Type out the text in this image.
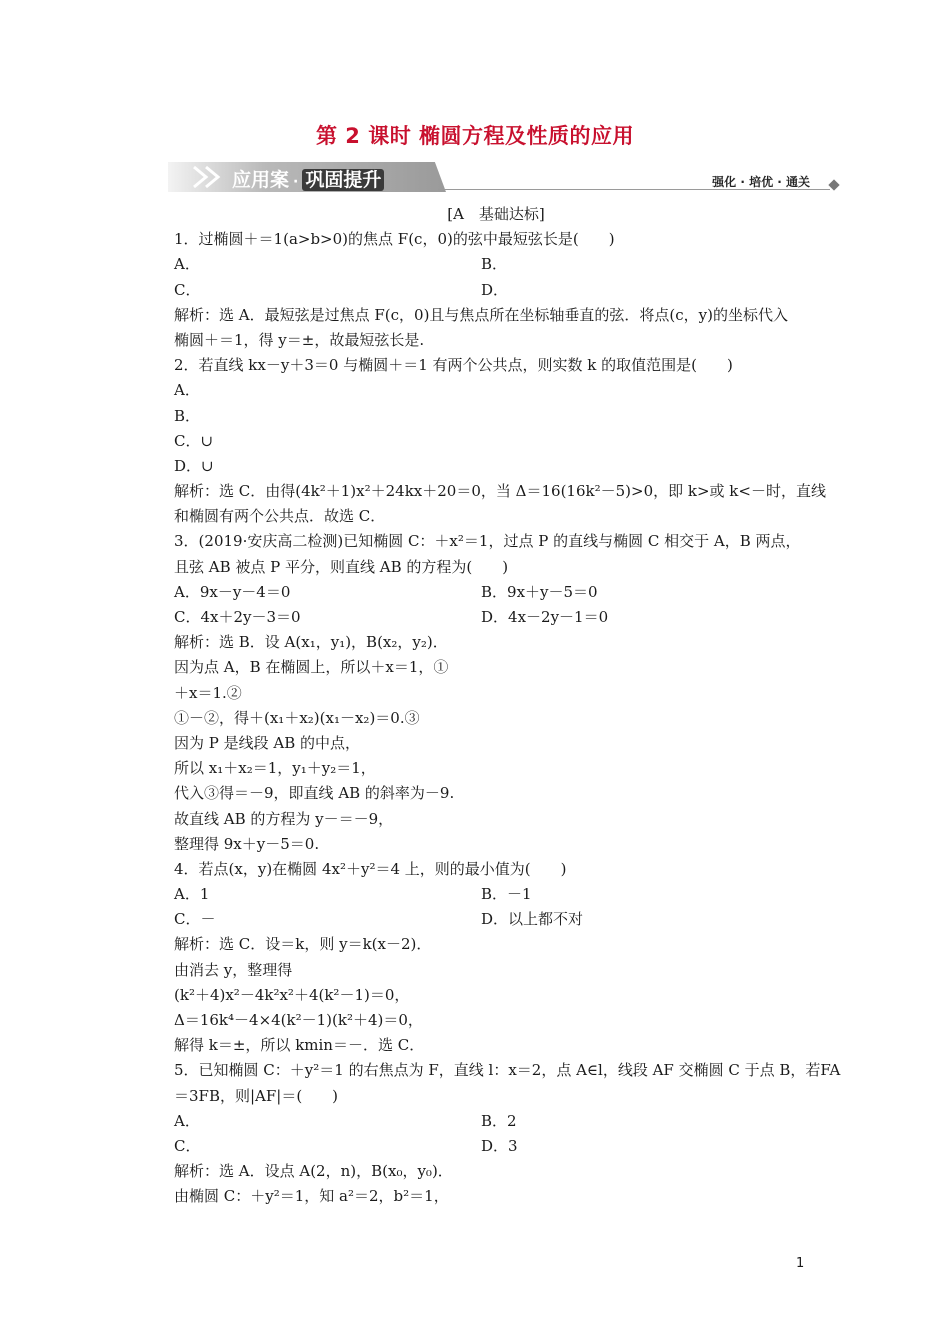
第 2 课时 椭圆方程及性质的应用
应用案 · 巩固提升	强化 · 培优 · 通关
[A　基础达标]
1．过椭圆＋＝1(a>b>0)的焦点 F(c，0)的弦中最短弦长是(　　)
A．	B．
C．	D．
解析：选 A．最短弦是过焦点 F(c，0)且与焦点所在坐标轴垂直的弦．将点(c，y)的坐标代入
椭圆＋＝1，得 y＝±，故最短弦长是.
2．若直线 kx－y＋3＝0 与椭圆＋＝1 有两个公共点，则实数 k 的取值范围是(　　)
A．
B．
C．∪
D．∪
解析：选 C．由得(4k²＋1)x²＋24kx＋20＝0，当 Δ＝16(16k²－5)>0，即 k>或 k<－时，直线
和椭圆有两个公共点．故选 C．
3．(2019·安庆高二检测)已知椭圆 C：＋x²＝1，过点 P 的直线与椭圆 C 相交于 A，B 两点，
且弦 AB 被点 P 平分，则直线 AB 的方程为(　　)
A．9x－y－4＝0	B．9x＋y－5＝0
C．4x＋2y－3＝0	D．4x－2y－1＝0
解析：选 B．设 A(x₁，y₁)，B(x₂，y₂)．
因为点 A，B 在椭圆上，所以＋x＝1，①
＋x＝1.②
①－②，得＋(x₁＋x₂)(x₁－x₂)＝0.③
因为 P 是线段 AB 的中点，
所以 x₁＋x₂＝1，y₁＋y₂＝1，
代入③得＝－9，即直线 AB 的斜率为－9.
故直线 AB 的方程为 y－＝－9，
整理得 9x＋y－5＝0.
4．若点(x，y)在椭圆 4x²＋y²＝4 上，则的最小值为(　　)
A．1	B．－1
C．－	D．以上都不对
解析：选 C．设＝k，则 y＝k(x－2)．
由消去 y，整理得
(k²＋4)x²－4k²x²＋4(k²－1)＝0，
Δ＝16k⁴－4×4(k²－1)(k²＋4)＝0，
解得 k＝±，所以 kmin＝－．选 C．
5．已知椭圆 C：＋y²＝1 的右焦点为 F，直线 l：x＝2，点 A∈l，线段 AF 交椭圆 C 于点 B，若FA
＝3FB，则|AF|＝(　　)
A．	B．2
C．	D．3
解析：选 A．设点 A(2，n)，B(x₀，y₀)．
由椭圆 C：＋y²＝1，知 a²＝2，b²＝1，
1
